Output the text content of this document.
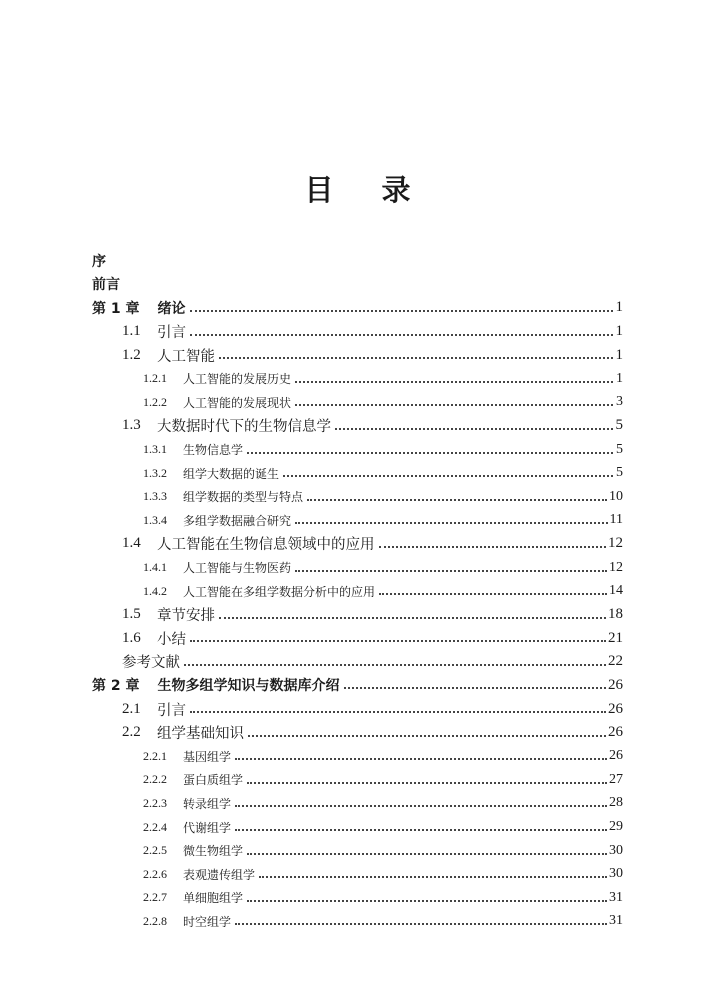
目 录
序
前言
第 1 章 绪论	1
1.1	引言	1
1.2	人工智能	1
1.2.1	人工智能的发展历史	1
1.2.2	人工智能的发展现状	3
1.3	大数据时代下的生物信息学	5
1.3.1	生物信息学	5
1.3.2	组学大数据的诞生	5
1.3.3	组学数据的类型与特点	10
1.3.4	多组学数据融合研究	11
1.4	人工智能在生物信息领域中的应用	12
1.4.1	人工智能与生物医药	12
1.4.2	人工智能在多组学数据分析中的应用	14
1.5	章节安排	18
1.6	小结	21
参考文献	22
第 2 章 生物多组学知识与数据库介绍	26
2.1	引言	26
2.2	组学基础知识	26
2.2.1	基因组学	26
2.2.2	蛋白质组学	27
2.2.3	转录组学	28
2.2.4	代谢组学	29
2.2.5	微生物组学	30
2.2.6	表观遗传组学	30
2.2.7	单细胞组学	31
2.2.8	时空组学	31
